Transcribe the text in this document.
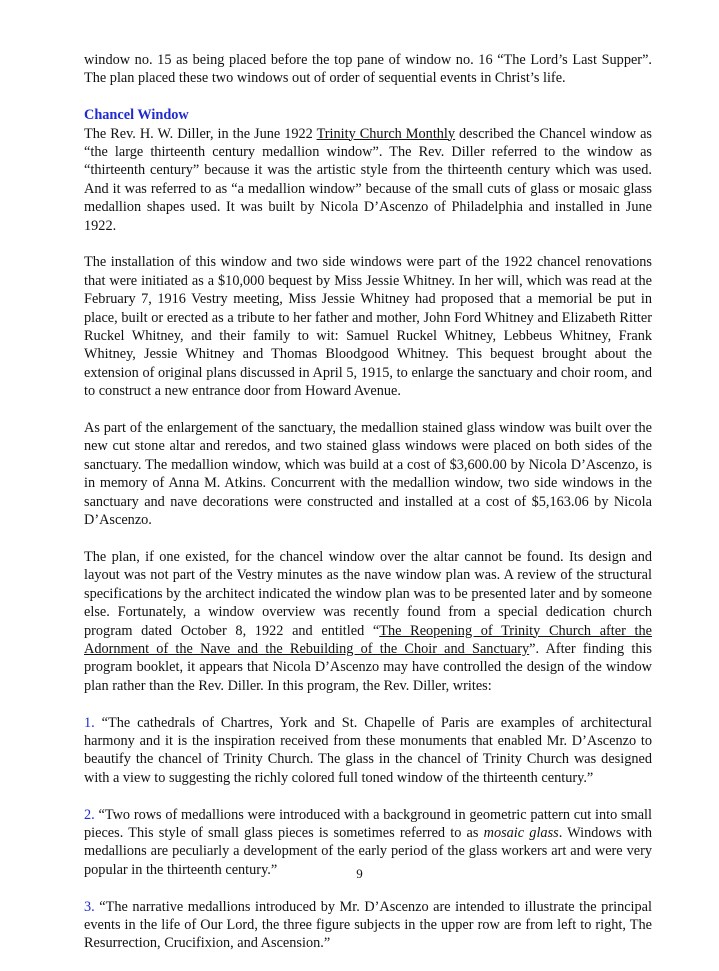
window no. 15 as being placed before the top pane of window no. 16 “The Lord’s Last Supper”. The plan placed these two windows out of order of sequential events in Christ’s life.

Chancel Window

The Rev. H. W. Diller, in the June 1922 Trinity Church Monthly described the Chancel window as “the large thirteenth century medallion window”. The Rev. Diller referred to the window as “thirteenth century” because it was the artistic style from the thirteenth century which was used. And it was referred to as “a medallion window” because of the small cuts of glass or mosaic glass medallion shapes used. It was built by Nicola D’Ascenzo of Philadelphia and installed in June 1922.

The installation of this window and two side windows were part of the 1922 chancel renovations that were initiated as a $10,000 bequest by Miss Jessie Whitney. In her will, which was read at the February 7, 1916 Vestry meeting, Miss Jessie Whitney had proposed that a memorial be put in place, built or erected as a tribute to her father and mother, John Ford Whitney and Elizabeth Ritter Ruckel Whitney, and their family to wit: Samuel Ruckel Whitney, Lebbeus Whitney, Frank Whitney, Jessie Whitney and Thomas Bloodgood Whitney. This bequest brought about the extension of original plans discussed in April 5, 1915, to enlarge the sanctuary and choir room, and to construct a new entrance door from Howard Avenue.

As part of the enlargement of the sanctuary, the medallion stained glass window was built over the new cut stone altar and reredos, and two stained glass windows were placed on both sides of the sanctuary. The medallion window, which was build at a cost of $3,600.00 by Nicola D’Ascenzo, is in memory of Anna M. Atkins. Concurrent with the medallion window, two side windows in the sanctuary and nave decorations were constructed and installed at a cost of $5,163.06 by Nicola D’Ascenzo.

The plan, if one existed, for the chancel window over the altar cannot be found. Its design and layout was not part of the Vestry minutes as the nave window plan was. A review of the structural specifications by the architect indicated the window plan was to be presented later and by someone else. Fortunately, a window overview was recently found from a special dedication church program dated October 8, 1922 and entitled “The Reopening of Trinity Church after the Adornment of the Nave and the Rebuilding of the Choir and Sanctuary”. After finding this program booklet, it appears that Nicola D’Ascenzo may have controlled the design of the window plan rather than the Rev. Diller. In this program, the Rev. Diller, writes:

1. “The cathedrals of Chartres, York and St. Chapelle of Paris are examples of architectural harmony and it is the inspiration received from these monuments that enabled Mr. D’Ascenzo to beautify the chancel of Trinity Church. The glass in the chancel of Trinity Church was designed with a view to suggesting the richly colored full toned window of the thirteenth century.”

2. “Two rows of medallions were introduced with a background in geometric pattern cut into small pieces. This style of small glass pieces is sometimes referred to as mosaic glass. Windows with medallions are peculiarly a development of the early period of the glass workers art and were very popular in the thirteenth century.”

3. “The narrative medallions introduced by Mr. D’Ascenzo are intended to illustrate the principal events in the life of Our Lord, the three figure subjects in the upper row are from left to right, The Resurrection, Crucifixion, and Ascension.”

9
